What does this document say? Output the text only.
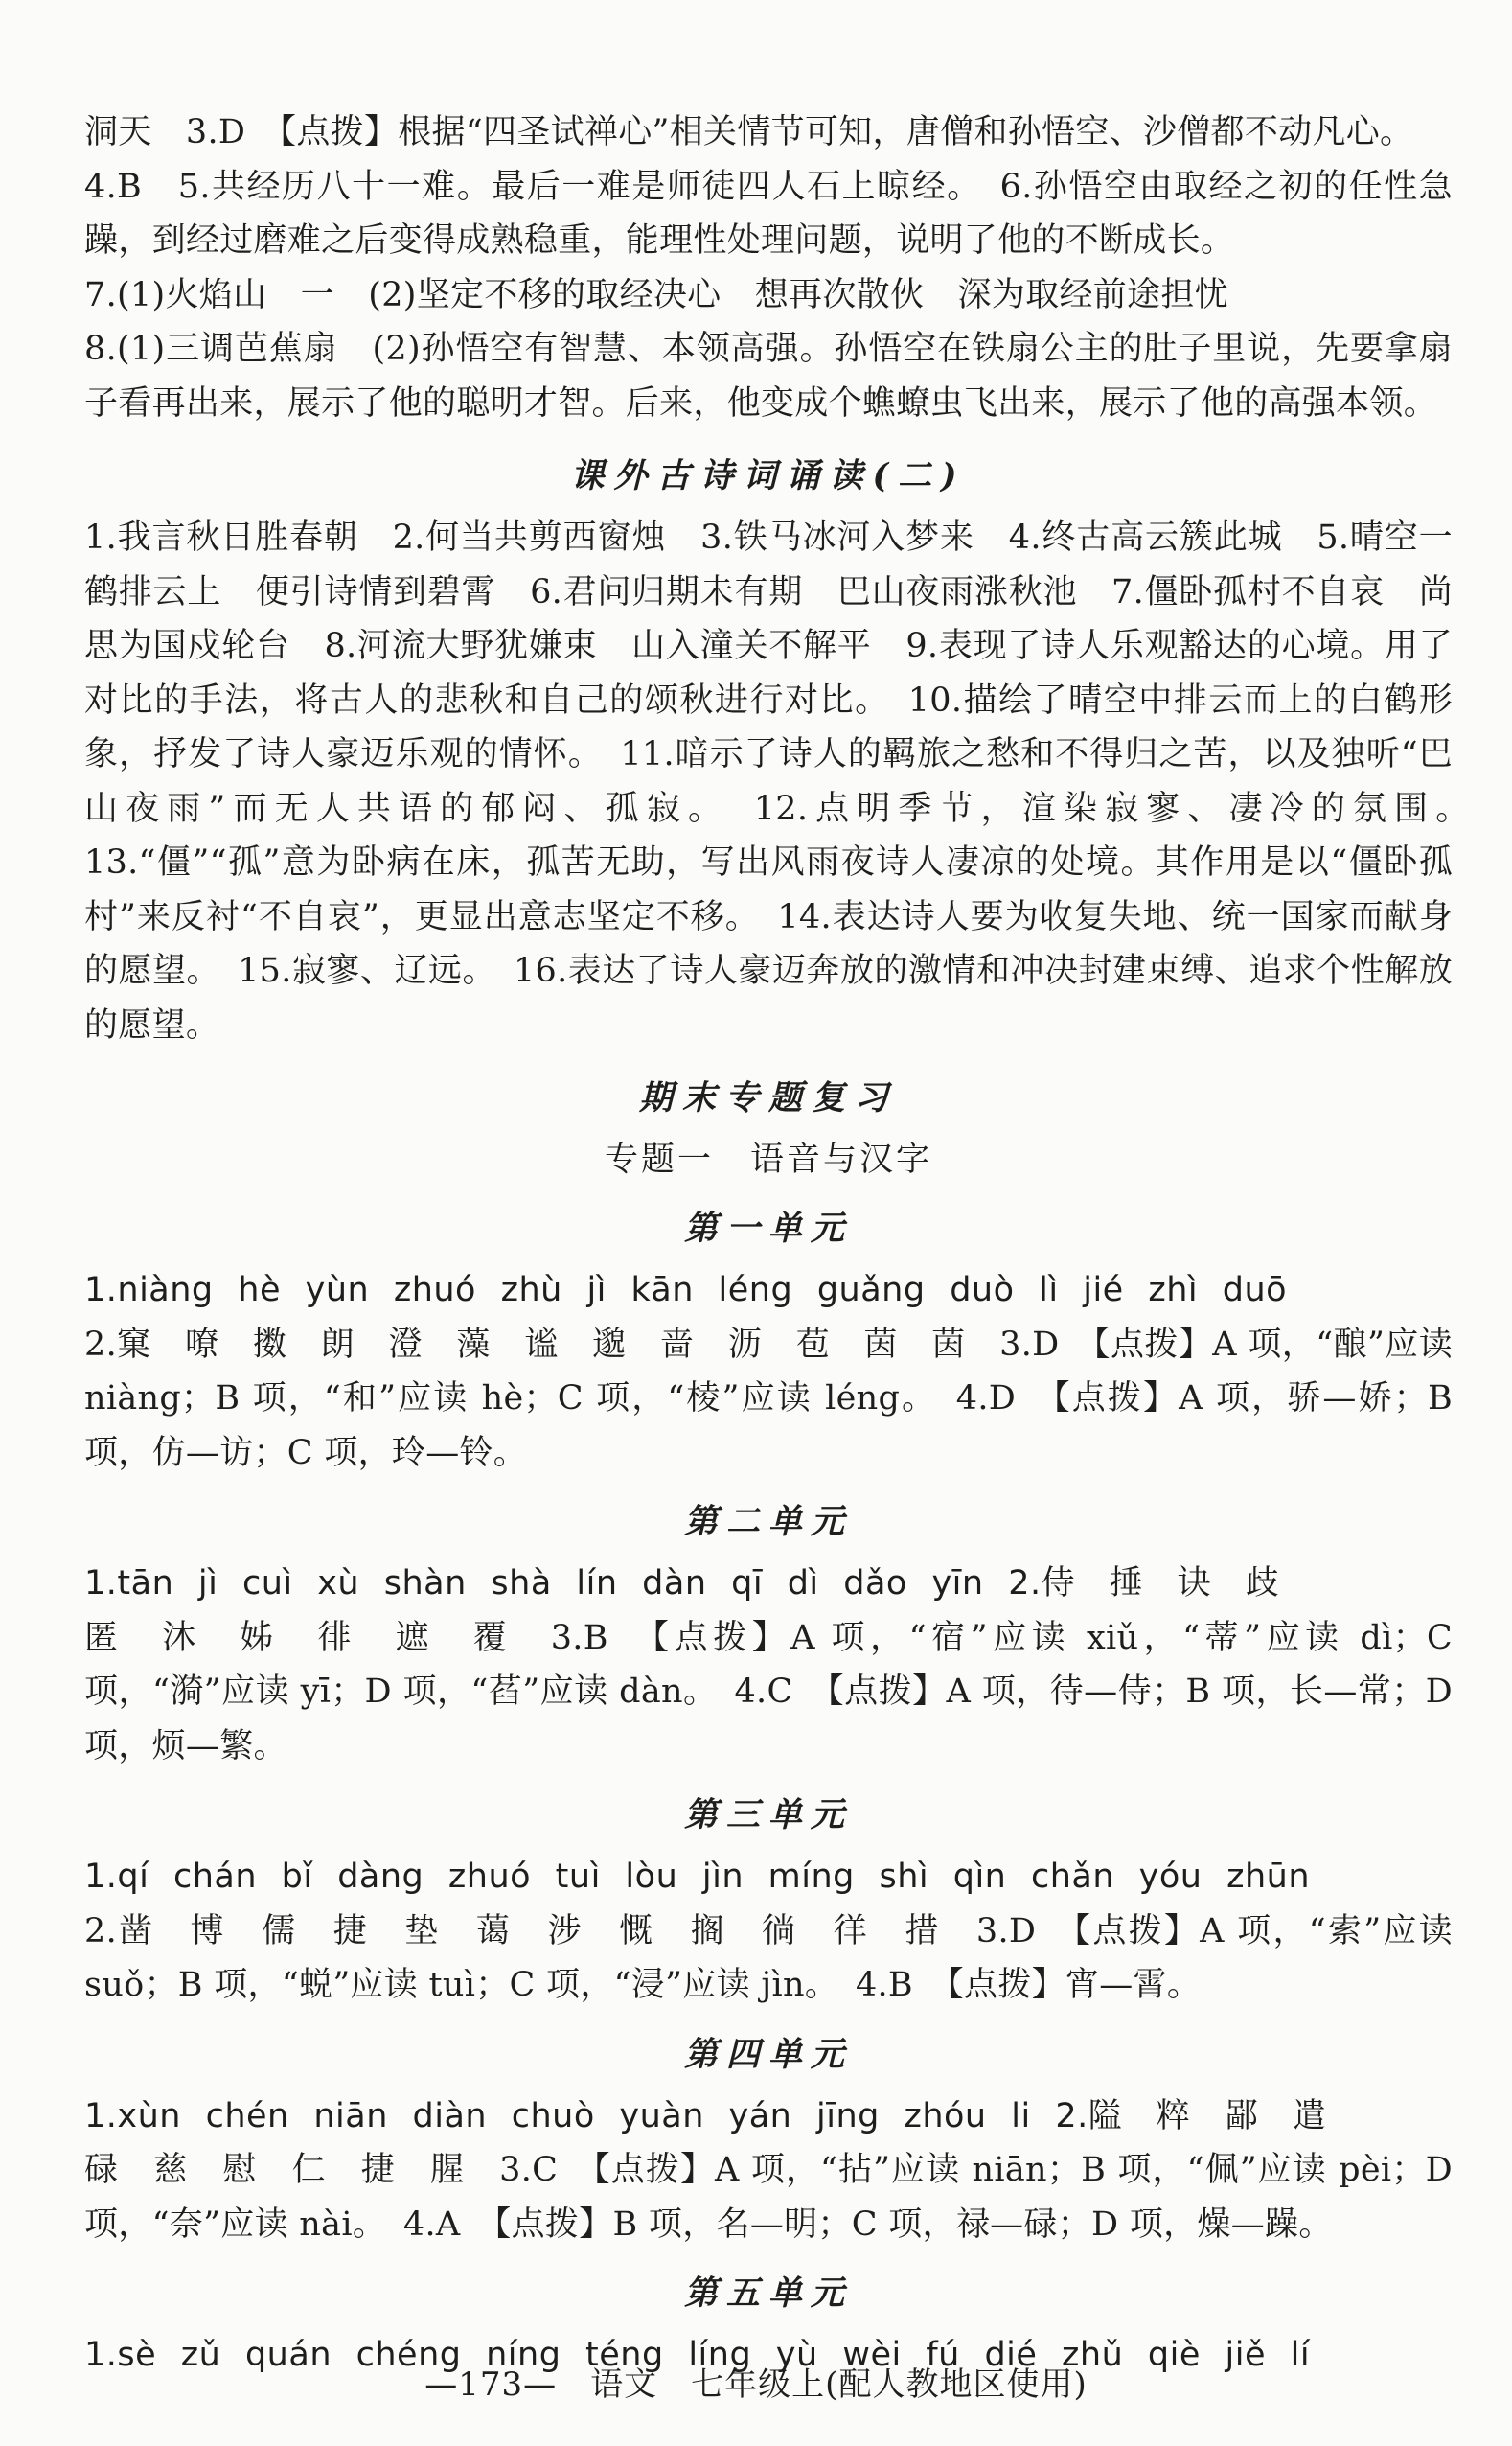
洞天　3.D　【点拨】根据“四圣试禅心”相关情节可知，唐僧和孙悟空、沙僧都不动凡心。
4.B　5.共经历八十一难。最后一难是师徒四人石上晾经。　6.孙悟空由取经之初的任性急躁，到经过磨难之后变得成熟稳重，能理性处理问题，说明了他的不断成长。
7.(1)火焰山　一　(2)坚定不移的取经决心　想再次散伙　深为取经前途担忧
8.(1)三调芭蕉扇　(2)孙悟空有智慧、本领高强。孙悟空在铁扇公主的肚子里说，先要拿扇子看再出来，展示了他的聪明才智。后来，他变成个蟭蟟虫飞出来，展示了他的高强本领。
课外古诗词诵读(二)
1.我言秋日胜春朝　2.何当共剪西窗烛　3.铁马冰河入梦来　4.终古高云簇此城　5.晴空一鹤排云上　便引诗情到碧霄　6.君问归期未有期　巴山夜雨涨秋池　7.僵卧孤村不自哀　尚思为国戍轮台　8.河流大野犹嫌束　山入潼关不解平　9.表现了诗人乐观豁达的心境。用了对比的手法，将古人的悲秋和自己的颂秋进行对比。　10.描绘了晴空中排云而上的白鹤形象，抒发了诗人豪迈乐观的情怀。　11.暗示了诗人的羁旅之愁和不得归之苦，以及独听“巴山夜雨”而无人共语的郁闷、孤寂。　12.点明季节，渲染寂寥、凄冷的氛围。　13.“僵”“孤”意为卧病在床，孤苦无助，写出风雨夜诗人凄凉的处境。其作用是以“僵卧孤村”来反衬“不自哀”，更显出意志坚定不移。　14.表达诗人要为收复失地、统一国家而献身的愿望。　15.寂寥、辽远。　16.表达了诗人豪迈奔放的激情和冲决封建束缚、追求个性解放的愿望。
期末专题复习
专题一　语音与汉字
第一单元
1.niàng hè yùn zhuó zhù jì kān léng guǎng duò lì jié zhì duō
2.窠　嘹　擞　朗　澄　藻　谧　邈　啬　沥　苞　茵　茵　3.D　【点拨】A 项，“酿”应读 niàng；B 项，“和”应读 hè；C 项，“棱”应读 léng。　4.D　【点拨】A 项，骄—娇；B 项，仿—访；C 项，玲—铃。
第二单元
1.tān jì cuì xù shàn shà lín dàn qī dì dǎo yīn 2.侍　捶　诀　歧
匿　沐　姊　徘　遮　覆　3.B　【点拨】A 项，“宿”应读 xiǔ，“蒂”应读 dì；C 项，“漪”应读 yī；D 项，“萏”应读 dàn。　4.C　【点拨】A 项，待—侍；B 项，长—常；D 项，烦—繁。
第三单元
1.qí chán bǐ dàng zhuó tuì lòu jìn míng shì qìn chǎn yóu zhūn
2.凿　博　儒　捷　垫　蔼　涉　慨　搁　徜　徉　措　3.D　【点拨】A 项，“索”应读 suǒ；B 项，“蜕”应读 tuì；C 项，“浸”应读 jìn。　4.B　【点拨】宵—霄。
第四单元
1.xùn chén niān diàn chuò yuàn yán jīng zhóu li 2.隘　粹　鄙　遣
碌　慈　慰　仁　捷　腥　3.C　【点拨】A 项，“拈”应读 niān；B 项，“佩”应读 pèi；D 项，“奈”应读 nài。　4.A　【点拨】B 项，名—明；C 项，禄—碌；D 项，燥—躁。
第五单元
1.sè zǔ quán chéng níng téng líng yù wèi fú dié zhǔ qiè jiě lí
—173—　语文　七年级上(配人教地区使用)
